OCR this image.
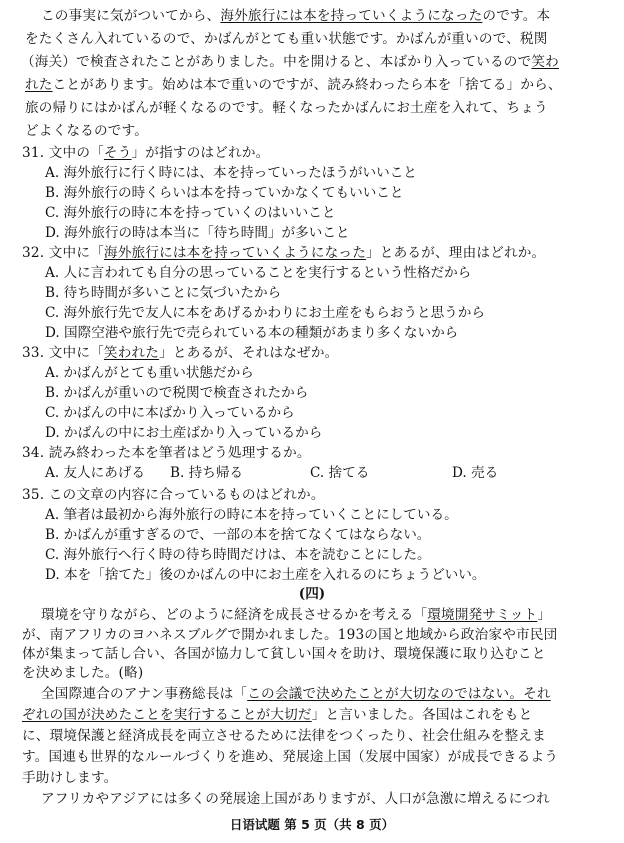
この事実に気がついてから、海外旅行には本を持っていくようになったのです。本
をたくさん入れているので、かばんがとても重い状態です。かばんが重いので、税関
（海关）で検査されたことがありました。中を開けると、本ばかり入っているので笑わ
れたことがあります。始めは本で重いのですが、読み終わったら本を「捨てる」から、
旅の帰りにはかばんが軽くなるのです。軽くなったかばんにお土産を入れて、ちょう
どよくなるのです。
31. 文中の「そう」が指すのはどれか。
A. 海外旅行に行く時には、本を持っていったほうがいいこと
B. 海外旅行の時くらいは本を持っていかなくてもいいこと
C. 海外旅行の時に本を持っていくのはいいこと
D. 海外旅行の時は本当に「待ち時間」が多いこと
32. 文中に「海外旅行には本を持っていくようになった」とあるが、理由はどれか。
A. 人に言われても自分の思っていることを実行するという性格だから
B. 待ち時間が多いことに気づいたから
C. 海外旅行先で友人に本をあげるかわりにお土産をもらおうと思うから
D. 国際空港や旅行先で売られている本の種類があまり多くないから
33. 文中に「笑われた」とあるが、それはなぜか。
A. かばんがとても重い状態だから
B. かばんが重いので税関で検査されたから
C. かばんの中に本ばかり入っているから
D. かばんの中にお土産ばかり入っているから
34. 読み終わった本を筆者はどう処理するか。
A. 友人にあげる B. 持ち帰る	C. 捨てる	D. 売る
35. この文章の内容に合っているものはどれか。
A. 筆者は最初から海外旅行の時に本を持っていくことにしている。
B. かばんが重すぎるので、一部の本を捨てなくてはならない。
C. 海外旅行へ行く時の待ち時間だけは、本を読むことにした。
D. 本を「捨てた」後のかばんの中にお土産を入れるのにちょうどいい。
(四)
環境を守りながら、どのように経済を成長させるかを考える「環境開発サミット」
が、南アフリカのヨハネスブルグで開かれました。193の国と地域から政治家や市民団
体が集まって話し合い、各国が協力して貧しい国々を助け、環境保護に取り込むこと
を決めました。(略)
全国際連合のアナン事務総長は「この会議で決めたことが大切なのではない。それ
ぞれの国が決めたことを実行することが大切だ」と言いました。各国はこれをもと
に、環境保護と経済成長を両立させるために法律をつくったり、社会仕組みを整えま
す。国連も世界的なルールづくりを進め、発展途上国（发展中国家）が成長できるよう
手助けします。
日语试题 第 5 页（共 8 页）
アフリカやアジアには多くの発展途上国がありますが、人口が急激に増えるにつれ
